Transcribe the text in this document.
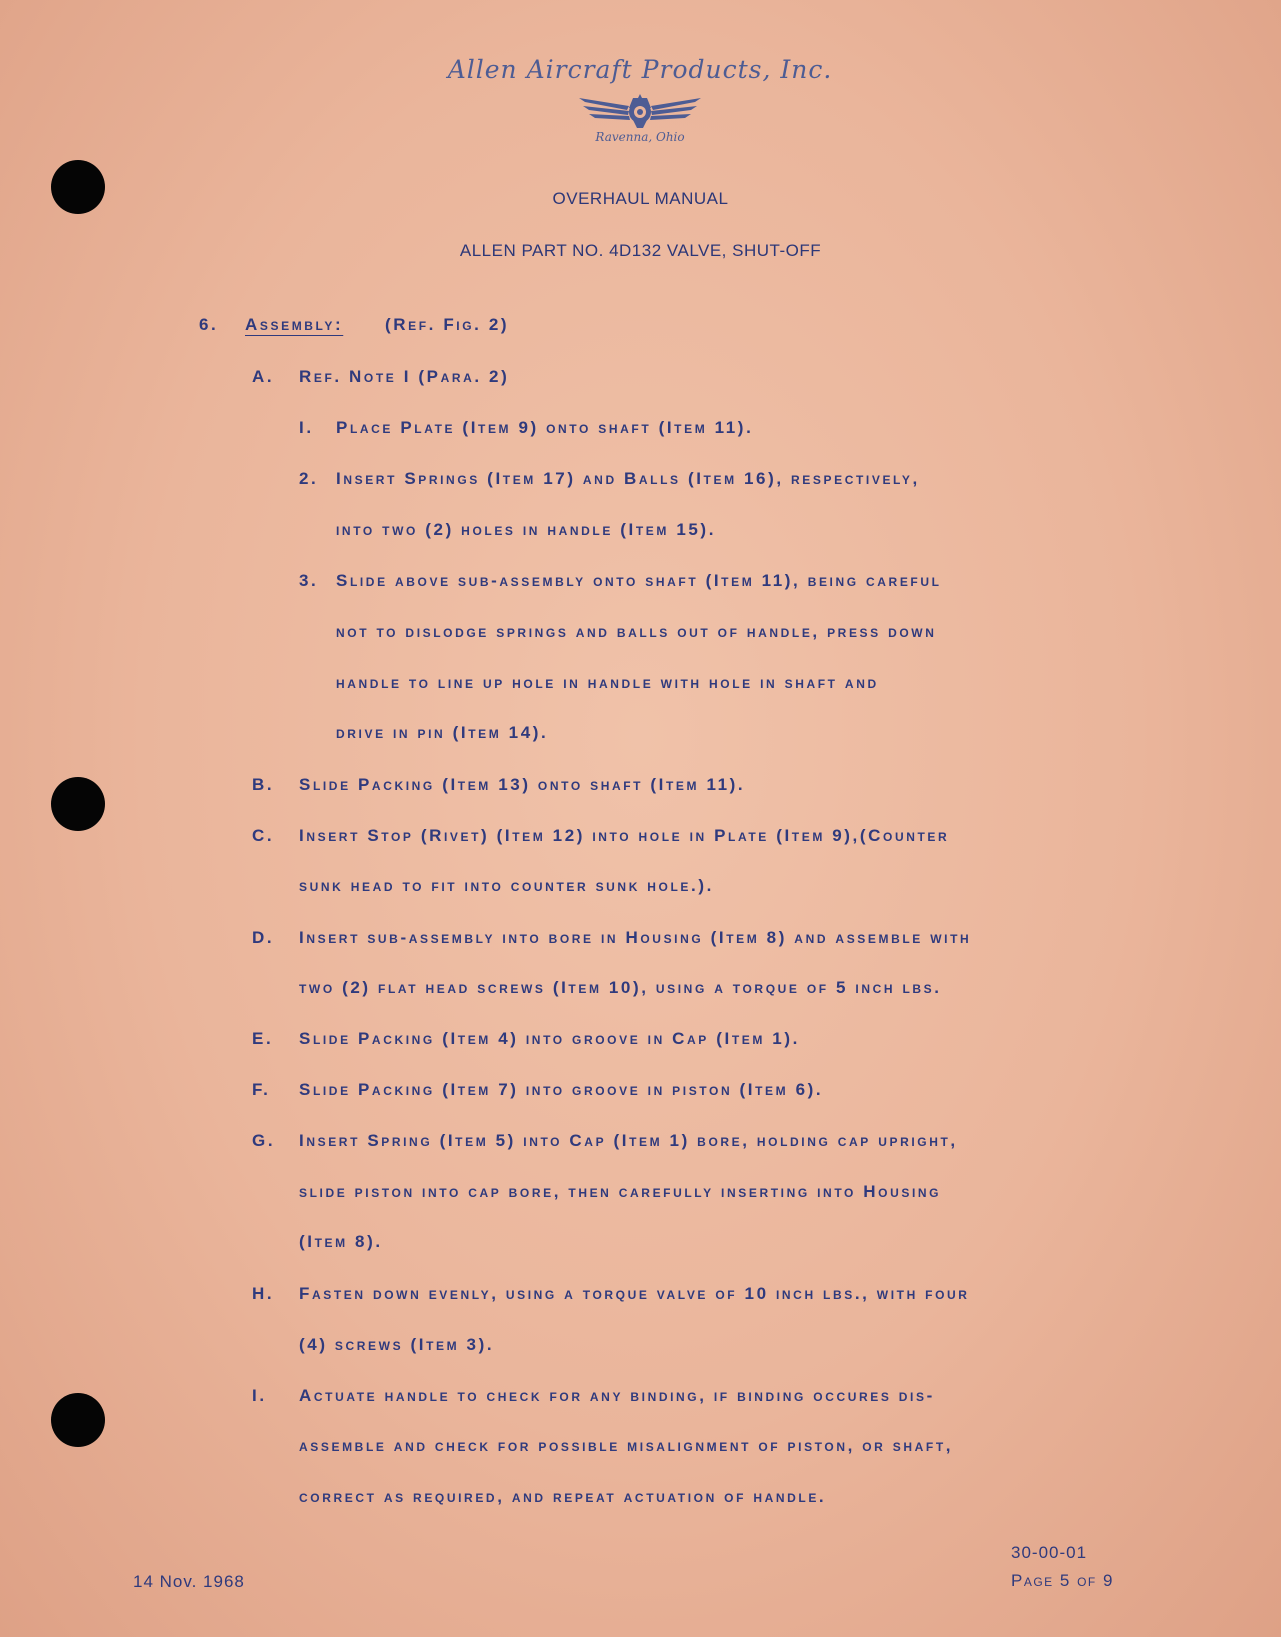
Allen Aircraft Products, Inc.
Ravenna, Ohio
OVERHAUL MANUAL
ALLEN PART NO. 4D132 VALVE, SHUT-OFF
6. Assembly: (Ref. Fig. 2)
A. Ref. Note I (Para. 2)
I. Place Plate (Item 9) onto shaft (Item 11).
2. Insert Springs (Item 17) and Balls (Item 16), respectively,
into two (2) holes in handle (Item 15).
3. Slide above sub-assembly onto shaft (Item 11), being careful
not to dislodge springs and balls out of handle, press down
handle to line up hole in handle with hole in shaft and
drive in pin (Item 14).
B. Slide Packing (Item 13) onto shaft (Item 11).
C. Insert Stop (Rivet) (Item 12) into hole in Plate (Item 9),(Counter
sunk head to fit into counter sunk hole.).
D. Insert sub-assembly into bore in Housing (Item 8) and assemble with
two (2) flat head screws (Item 10), using a torque of 5 inch lbs.
E. Slide Packing (Item 4) into groove in Cap (Item 1).
F. Slide Packing (Item 7) into groove in piston (Item 6).
G. Insert Spring (Item 5) into Cap (Item 1) bore, holding cap upright,
slide piston into cap bore, then carefully inserting into Housing
(Item 8).
H. Fasten down evenly, using a torque valve of 10 inch lbs., with four
(4) screws (Item 3).
I. Actuate handle to check for any binding, if binding occures dis-
assemble and check for possible misalignment of piston, or shaft,
correct as required, and repeat actuation of handle.
14 Nov. 1968
30-00-01
Page 5 of 9
